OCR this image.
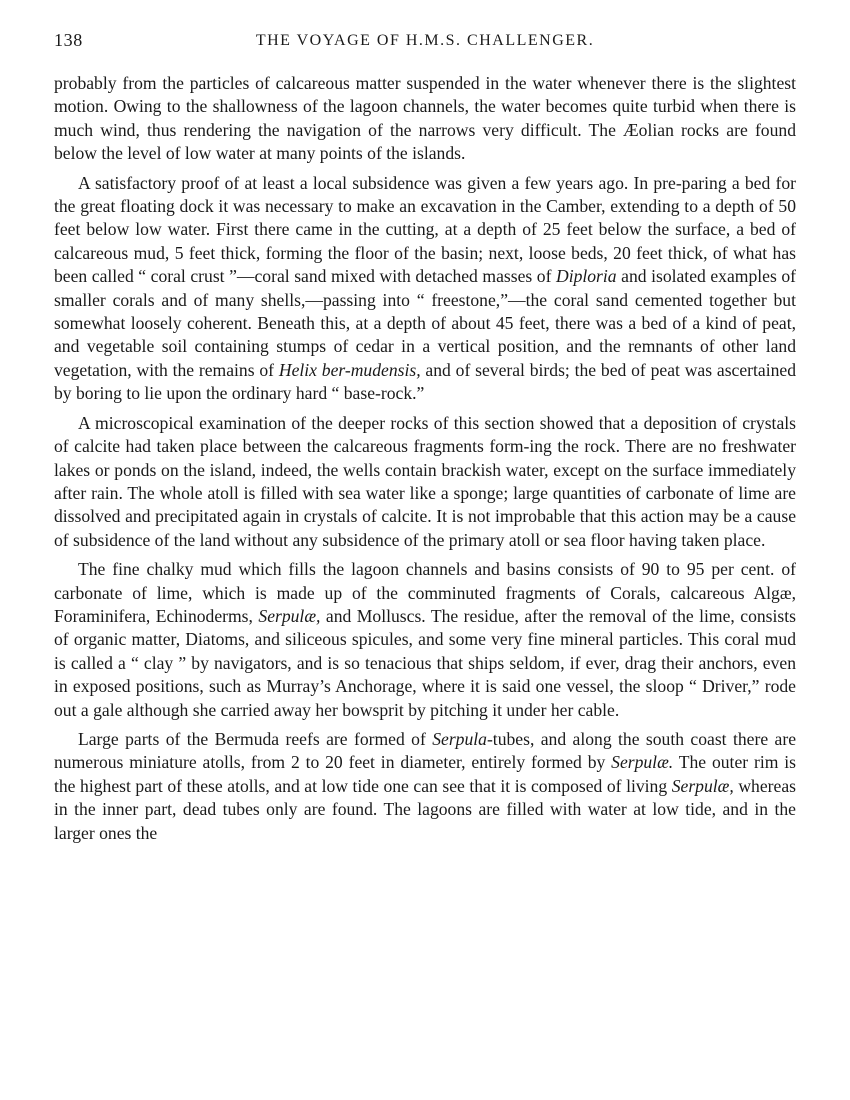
138	THE VOYAGE OF H.M.S. CHALLENGER.

probably from the particles of calcareous matter suspended in the water whenever there is the slightest motion. Owing to the shallowness of the lagoon channels, the water becomes quite turbid when there is much wind, thus rendering the navigation of the narrows very difficult. The Æolian rocks are found below the level of low water at many points of the islands.

A satisfactory proof of at least a local subsidence was given a few years ago. In pre-paring a bed for the great floating dock it was necessary to make an excavation in the Camber, extending to a depth of 50 feet below low water. First there came in the cutting, at a depth of 25 feet below the surface, a bed of calcareous mud, 5 feet thick, forming the floor of the basin; next, loose beds, 20 feet thick, of what has been called “ coral crust ”—coral sand mixed with detached masses of Diploria and isolated examples of smaller corals and of many shells,—passing into “ freestone,”—the coral sand cemented together but somewhat loosely coherent. Beneath this, at a depth of about 45 feet, there was a bed of a kind of peat, and vegetable soil containing stumps of cedar in a vertical position, and the remnants of other land vegetation, with the remains of Helix ber-mudensis, and of several birds; the bed of peat was ascertained by boring to lie upon the ordinary hard “ base-rock.”

A microscopical examination of the deeper rocks of this section showed that a deposition of crystals of calcite had taken place between the calcareous fragments form-ing the rock. There are no freshwater lakes or ponds on the island, indeed, the wells contain brackish water, except on the surface immediately after rain. The whole atoll is filled with sea water like a sponge; large quantities of carbonate of lime are dissolved and precipitated again in crystals of calcite. It is not improbable that this action may be a cause of subsidence of the land without any subsidence of the primary atoll or sea floor having taken place.

The fine chalky mud which fills the lagoon channels and basins consists of 90 to 95 per cent. of carbonate of lime, which is made up of the comminuted fragments of Corals, calcareous Algæ, Foraminifera, Echinoderms, Serpulæ, and Molluscs. The residue, after the removal of the lime, consists of organic matter, Diatoms, and siliceous spicules, and some very fine mineral particles. This coral mud is called a “ clay ” by navigators, and is so tenacious that ships seldom, if ever, drag their anchors, even in exposed positions, such as Murray’s Anchorage, where it is said one vessel, the sloop “ Driver,” rode out a gale although she carried away her bowsprit by pitching it under her cable.

Large parts of the Bermuda reefs are formed of Serpula-tubes, and along the south coast there are numerous miniature atolls, from 2 to 20 feet in diameter, entirely formed by Serpulæ. The outer rim is the highest part of these atolls, and at low tide one can see that it is composed of living Serpulæ, whereas in the inner part, dead tubes only are found. The lagoons are filled with water at low tide, and in the larger ones the
